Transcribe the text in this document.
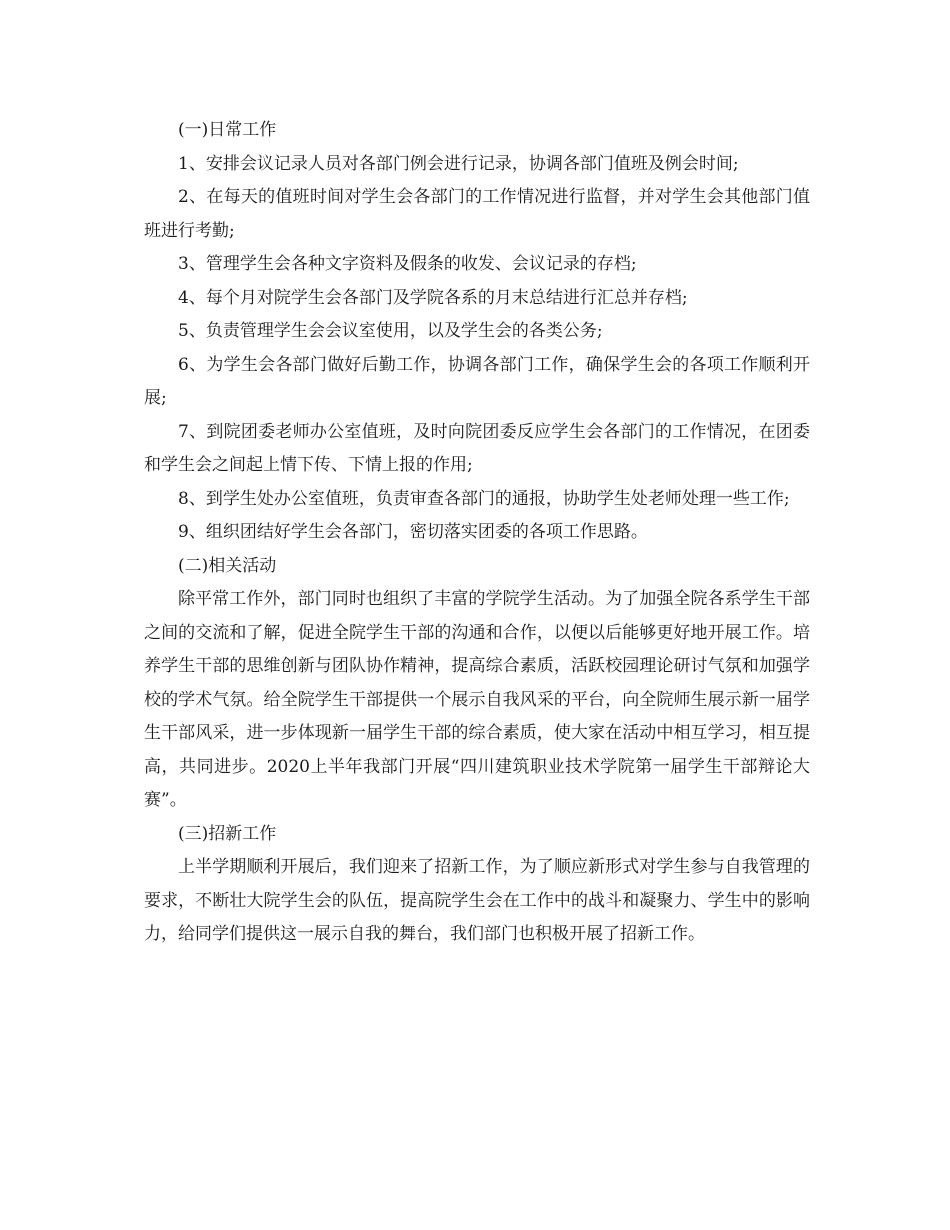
(一)日常工作

1、安排会议记录人员对各部门例会进行记录，协调各部门值班及例会时间;

2、在每天的值班时间对学生会各部门的工作情况进行监督，并对学生会其他部门值班进行考勤;

3、管理学生会各种文字资料及假条的收发、会议记录的存档;

4、每个月对院学生会各部门及学院各系的月末总结进行汇总并存档;

5、负责管理学生会会议室使用，以及学生会的各类公务;

6、为学生会各部门做好后勤工作，协调各部门工作，确保学生会的各项工作顺利开展;

7、到院团委老师办公室值班，及时向院团委反应学生会各部门的工作情况，在团委和学生会之间起上情下传、下情上报的作用;

8、到学生处办公室值班，负责审查各部门的通报，协助学生处老师处理一些工作;

9、组织团结好学生会各部门，密切落实团委的各项工作思路。

(二)相关活动

除平常工作外，部门同时也组织了丰富的学院学生活动。为了加强全院各系学生干部之间的交流和了解，促进全院学生干部的沟通和合作，以便以后能够更好地开展工作。培养学生干部的思维创新与团队协作精神，提高综合素质，活跃校园理论研讨气氛和加强学校的学术气氛。给全院学生干部提供一个展示自我风采的平台，向全院师生展示新一届学生干部风采，进一步体现新一届学生干部的综合素质，使大家在活动中相互学习，相互提高，共同进步。2020上半年我部门开展“四川建筑职业技术学院第一届学生干部辩论大赛”。

(三)招新工作

上半学期顺利开展后，我们迎来了招新工作，为了顺应新形式对学生参与自我管理的要求，不断壮大院学生会的队伍，提高院学生会在工作中的战斗和凝聚力、学生中的影响力，给同学们提供这一展示自我的舞台，我们部门也积极开展了招新工作。
